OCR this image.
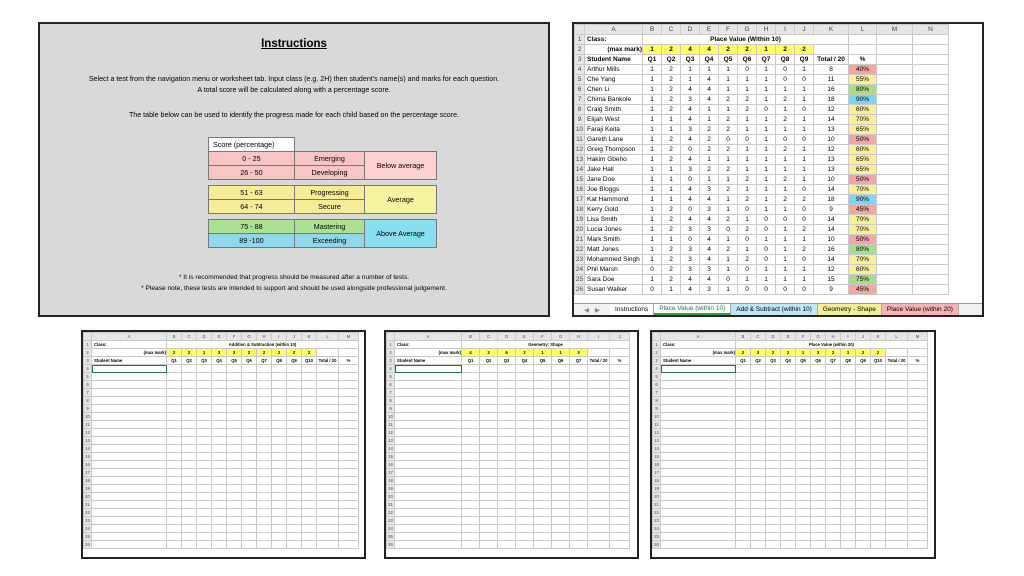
Instructions
Select a test from the navigation menu or worksheet tab. Input class (e.g. 2H) then student’s name(s) and marks for each question.
A total score will be calculated along with a percentage score.
The table below can be used to identify the progress made for each child based on the percentage score.
Score (percentage)		
0 - 25	Emerging	Below average
26 - 50	Developing	

51 - 63	Progressing	Average
64 - 74	Secure	

75 - 88	Mastering	Above Average
89 -100	Exceeding	
* It is recommended that progress should be measured after a number of tests.
* Please note, these tests are intended to support and should be used alongside professional judgement.
	A	B	C	D	E	F	G	H	I	J	K	L	M	N
1	Class:	Place Value (Within 10)												
2	(max mark)	1	2	4	4	2	2	1	2	2				
3	Student Name	Q1	Q2	Q3	Q4	Q5	Q6	Q7	Q8	Q9	Total / 20	%		
4	Arthur Mills	1	2	1	1	1	0	1	0	1	8	40%		
5	Che Yang	1	2	1	4	1	1	1	0	0	11	55%		
6	Chen Li	1	2	4	4	1	1	1	1	1	16	80%		
7	Chima Bankole	1	2	3	4	2	2	1	2	1	18	90%		
8	Craig Smith	1	2	4	1	1	2	0	1	0	12	60%		
9	Elijah West	1	1	4	1	2	1	1	2	1	14	70%		
10	Faraji Keita	1	1	3	2	2	1	1	1	1	13	65%		
11	Gareth Lane	1	2	4	2	0	0	1	0	0	10	50%		
12	Greig Thompson	1	2	0	2	2	1	1	2	1	12	60%		
13	Hakim Gbeho	1	2	4	1	1	1	1	1	1	13	65%		
14	Jake Hall	1	1	3	2	2	1	1	1	1	13	65%		
15	Jane Doe	1	1	0	1	1	2	1	2	1	10	50%		
16	Joe Bloggs	1	1	4	3	2	1	1	1	0	14	70%		
17	Kat Hammond	1	1	4	4	1	2	1	2	2	18	90%		
18	Kerry Gold	1	2	0	3	1	0	1	1	0	9	45%		
19	Lisa Smith	1	2	4	4	2	1	0	0	0	14	70%		
20	Lucia Jones	1	2	3	3	0	2	0	1	2	14	70%		
21	Mark Smith	1	1	0	4	1	0	1	1	1	10	50%		
22	Matt Jones	1	2	3	4	2	1	0	1	2	16	80%		
23	Mohammed Singh	1	2	3	4	1	2	0	1	0	14	70%		
24	Phil Marsh	0	2	3	3	1	0	1	1	1	12	60%		
25	Sara Doe	1	2	4	4	0	1	1	1	1	15	75%		
26	Susan Walker	0	1	4	3	1	0	0	0	0	9	45%		
◀ ▶	Instructions	Place Value (within 10)	Add & Subtract (within 10)	Geometry - Shape	Place Value (within 20)
	A	B	C	D	E	F	G	H	I	J	K	L	M
1	Class:	Addition & Subtraction (within 10)											
2	(max mark)	2	2	1	3	2	2	2	2	2	2		
3	Student Name	Q1	Q2	Q3	Q4	Q5	Q6	Q7	Q8	Q9	Q10	Total / 20	%
4													
5													
6													
7													
8													
9													
10													
11													
12													
13													
14													
15													
16													
17													
18													
19													
20													
21													
22													
23													
24													
25													
26													
	A	B	C	D	E	F	G	H	I	J
1	Class:	Geometry: Shape								
2	(max mark)	4	3	6	2	1	1	3		
3	Student Name	Q1	Q2	Q3	Q4	Q5	Q6	Q7	Total / 20	%
4										
5										
6										
7										
8										
9										
10										
11										
12										
13										
14										
15										
16										
17										
18										
19										
20										
21										
22										
23										
24										
25										
26										
	A	B	C	D	E	F	G	H	I	J	K	L	M
1	Class:	Place Value (within 20)											
2	(max mark)	2	3	2	2	1	3	2	1	2	2		
3	Student Name	Q1	Q2	Q3	Q4	Q5	Q6	Q7	Q8	Q9	Q10	Total / 20	%
4													
5													
6													
7													
8													
9													
10													
11													
12													
13													
14													
15													
16													
17													
18													
19													
20													
21													
22													
23													
24													
25													
26													
